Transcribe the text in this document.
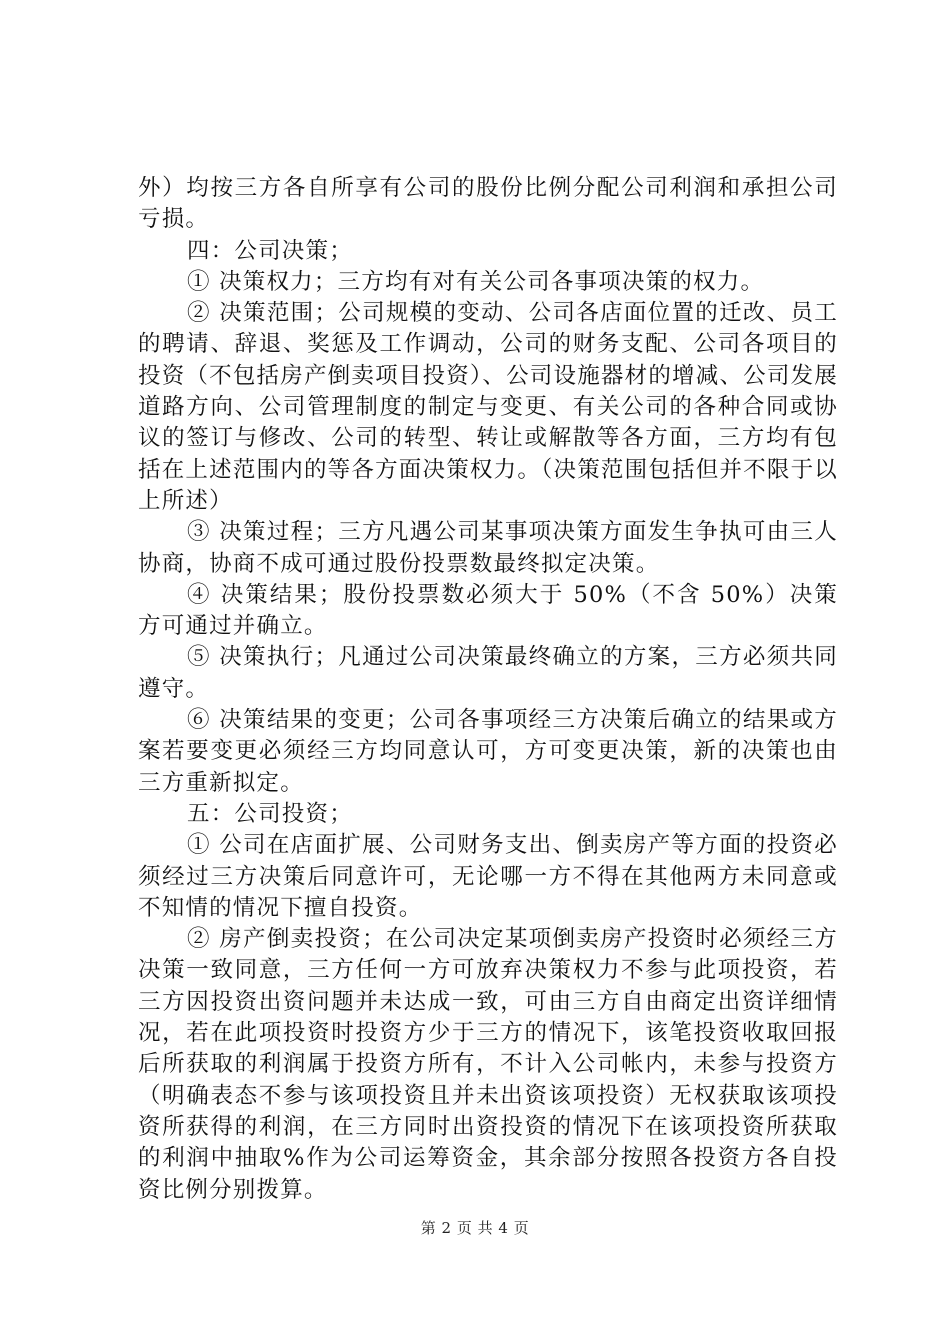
外）均按三方各自所享有公司的股份比例分配公司利润和承担公司亏损。

四：公司决策；

① 决策权力；三方均有对有关公司各事项决策的权力。

② 决策范围；公司规模的变动、公司各店面位置的迁改、员工的聘请、辞退、奖惩及工作调动，公司的财务支配、公司各项目的投资（不包括房产倒卖项目投资）、公司设施器材的增减、公司发展道路方向、公司管理制度的制定与变更、有关公司的各种合同或协议的签订与修改、公司的转型、转让或解散等各方面，三方均有包括在上述范围内的等各方面决策权力。（决策范围包括但并不限于以上所述）

③ 决策过程；三方凡遇公司某事项决策方面发生争执可由三人协商，协商不成可通过股份投票数最终拟定决策。

④ 决策结果；股份投票数必须大于 50%（不含 50%）决策方可通过并确立。

⑤ 决策执行；凡通过公司决策最终确立的方案，三方必须共同遵守。

⑥ 决策结果的变更；公司各事项经三方决策后确立的结果或方案若要变更必须经三方均同意认可，方可变更决策，新的决策也由三方重新拟定。

五：公司投资；

① 公司在店面扩展、公司财务支出、倒卖房产等方面的投资必须经过三方决策后同意许可，无论哪一方不得在其他两方未同意或不知情的情况下擅自投资。

② 房产倒卖投资；在公司决定某项倒卖房产投资时必须经三方决策一致同意，三方任何一方可放弃决策权力不参与此项投资，若三方因投资出资问题并未达成一致，可由三方自由商定出资详细情况，若在此项投资时投资方少于三方的情况下，该笔投资收取回报后所获取的利润属于投资方所有，不计入公司帐内，未参与投资方（明确表态不参与该项投资且并未出资该项投资）无权获取该项投资所获得的利润，在三方同时出资投资的情况下在该项投资所获取的利润中抽取%作为公司运筹资金，其余部分按照各投资方各自投资比例分别拨算。

第 2 页 共 4 页
